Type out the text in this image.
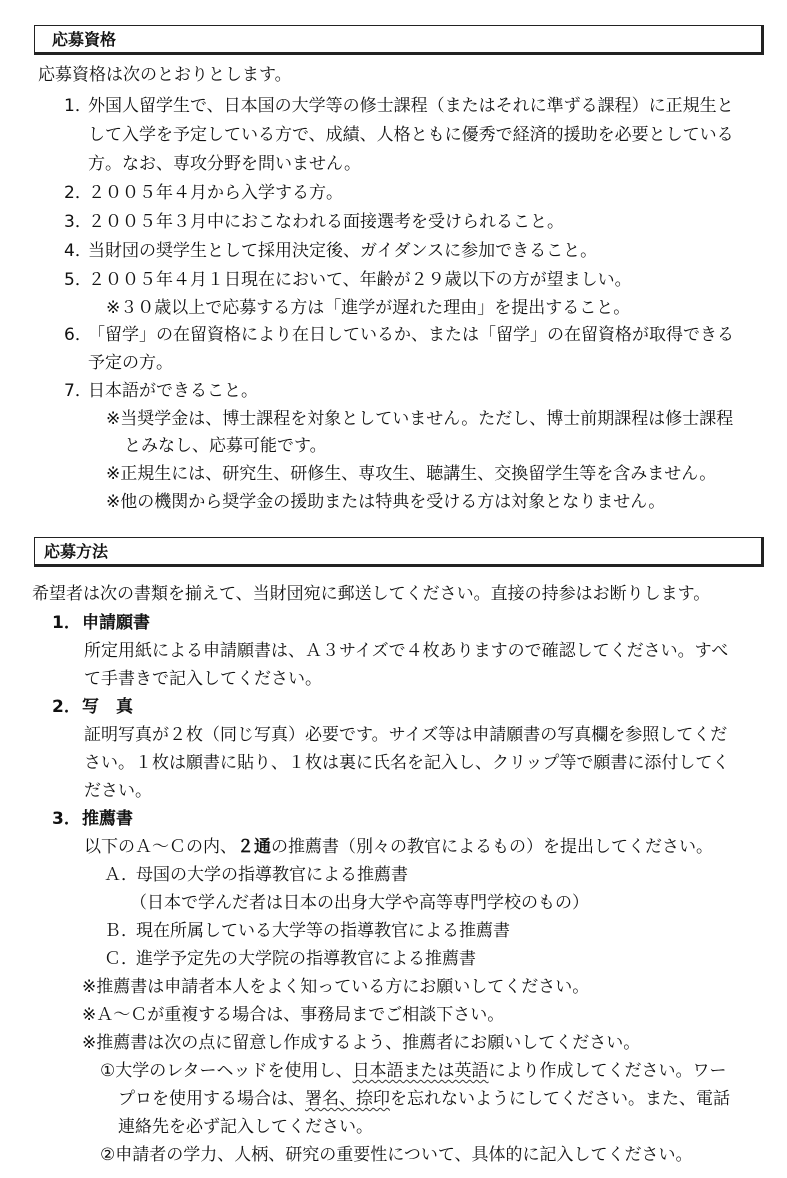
応募資格
応募資格は次のとおりとします。
1．
外国人留学生で、日本国の大学等の修士課程（またはそれに準ずる課程）に正規生と
して入学を予定している方で、成績、人格ともに優秀で経済的援助を必要としている
方。なお、専攻分野を問いません。
2．
２００５年４月から入学する方。
3．
２００５年３月中におこなわれる面接選考を受けられること。
4．
当財団の奨学生として採用決定後、ガイダンスに参加できること。
5．
２００５年４月１日現在において、年齢が２９歳以下の方が望ましい。
※３０歳以上で応募する方は「進学が遅れた理由」を提出すること。
6．
「留学」の在留資格により在日しているか、または「留学」の在留資格が取得できる
予定の方。
7．
日本語ができること。
※当奨学金は、博士課程を対象としていません。ただし、博士前期課程は修士課程
とみなし、応募可能です。
※正規生には、研究生、研修生、専攻生、聴講生、交換留学生等を含みません。
※他の機関から奨学金の援助または特典を受ける方は対象となりません。
応募方法
希望者は次の書類を揃えて、当財団宛に郵送してください。直接の持参はお断りします。
1． 申請願書
所定用紙による申請願書は、Ａ３サイズで４枚ありますので確認してください。すべ
て手書きで記入してください。
2． 写　真
証明写真が２枚（同じ写真）必要です。サイズ等は申請願書の写真欄を参照してくだ
さい。１枚は願書に貼り、１枚は裏に氏名を記入し、クリップ等で願書に添付してく
ださい。
3． 推薦書
以下のＡ～Ｃの内、２通の推薦書（別々の教官によるもの）を提出してください。
Ａ．
母国の大学の指導教官による推薦書
（日本で学んだ者は日本の出身大学や高等専門学校のもの）
Ｂ．
現在所属している大学等の指導教官による推薦書
Ｃ．
進学予定先の大学院の指導教官による推薦書
※推薦書は申請者本人をよく知っている方にお願いしてください。
※Ａ～Ｃが重複する場合は、事務局までご相談下さい。
※推薦書は次の点に留意し作成するよう、推薦者にお願いしてください。
①大学のレターヘッドを使用し、日本語または英語により作成してください。ワー
プロを使用する場合は、署名、捺印を忘れないようにしてください。また、電話
連絡先を必ず記入してください。
②申請者の学力、人柄、研究の重要性について、具体的に記入してください。
